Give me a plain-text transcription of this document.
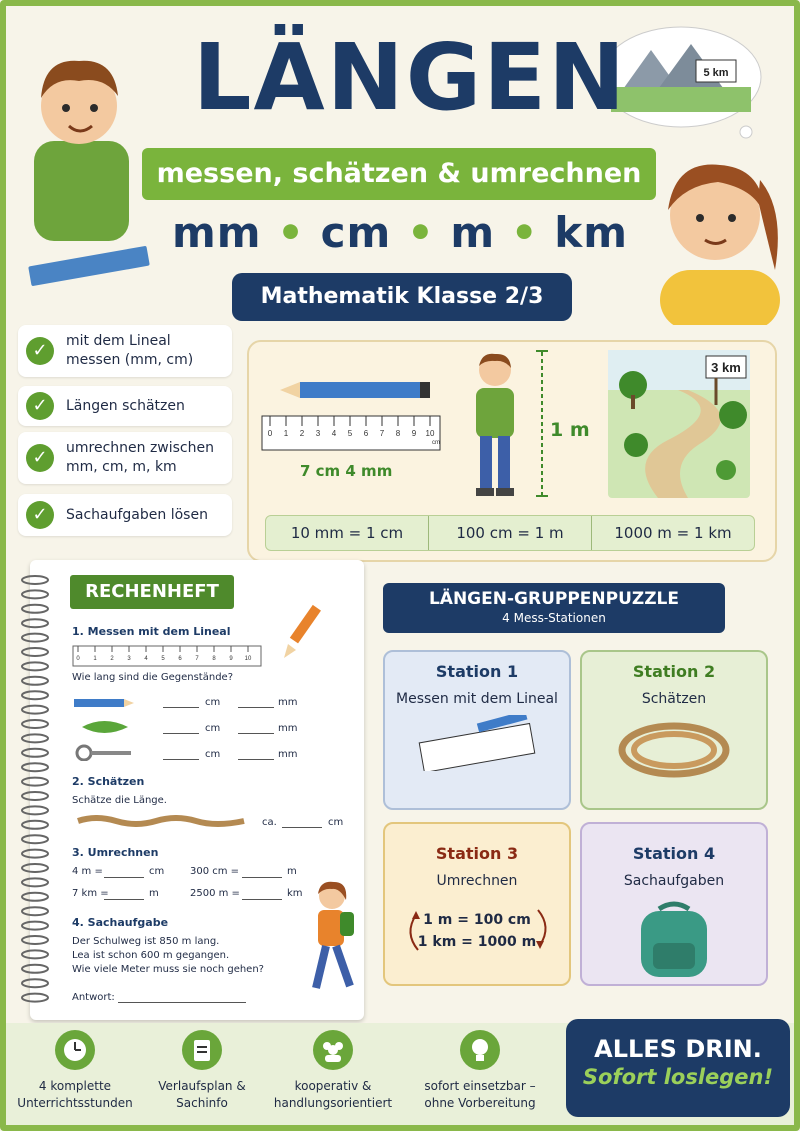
5 km
LÄNGEN
messen, schätzen & umrechnen
mm • cm • m • km
Mathematik Klasse 2/3
✓	mit dem Lineal messen (mm, cm)
✓	Längen schätzen
✓	umrechnen zwischen mm, cm, m, km
✓	Sachaufgaben lösen
0 1 2 3 4 5 6 7 8 9 10
cm
7 cm 4 mm
1 m
3 km
10 mm = 1 cm	100 cm = 1 m	1000 m = 1 km
RECHENHEFT
1. Messen mit dem Lineal
0 1 2 3 4 5 6 7 8 9 10
Wie lang sind die Gegenstände?
cm	mm
cm	mm
cm	mm
2. Schätzen
Schätze die Länge.
ca.	cm
3. Umrechnen
4 m =	cm	300 cm =	m
7 km =	m	2500 m =	km
4. Sachaufgabe
Der Schulweg ist 850 m lang.
Lea ist schon 600 m gegangen.
Wie viele Meter muss sie noch gehen?
Antwort:
LÄNGEN-GRUPPENPUZZLE
4 Mess-Stationen
Station 1
Messen mit dem Lineal
Station 2
Schätzen
Station 3
Umrechnen
1 m = 100 cm
1 km = 1000 m
Station 4
Sachaufgaben
4 komplette Unterrichtsstunden
Verlaufsplan & Sachinfo
kooperativ & handlungsorientiert
sofort einsetzbar – ohne Vorbereitung
ALLES DRIN.
Sofort loslegen!
